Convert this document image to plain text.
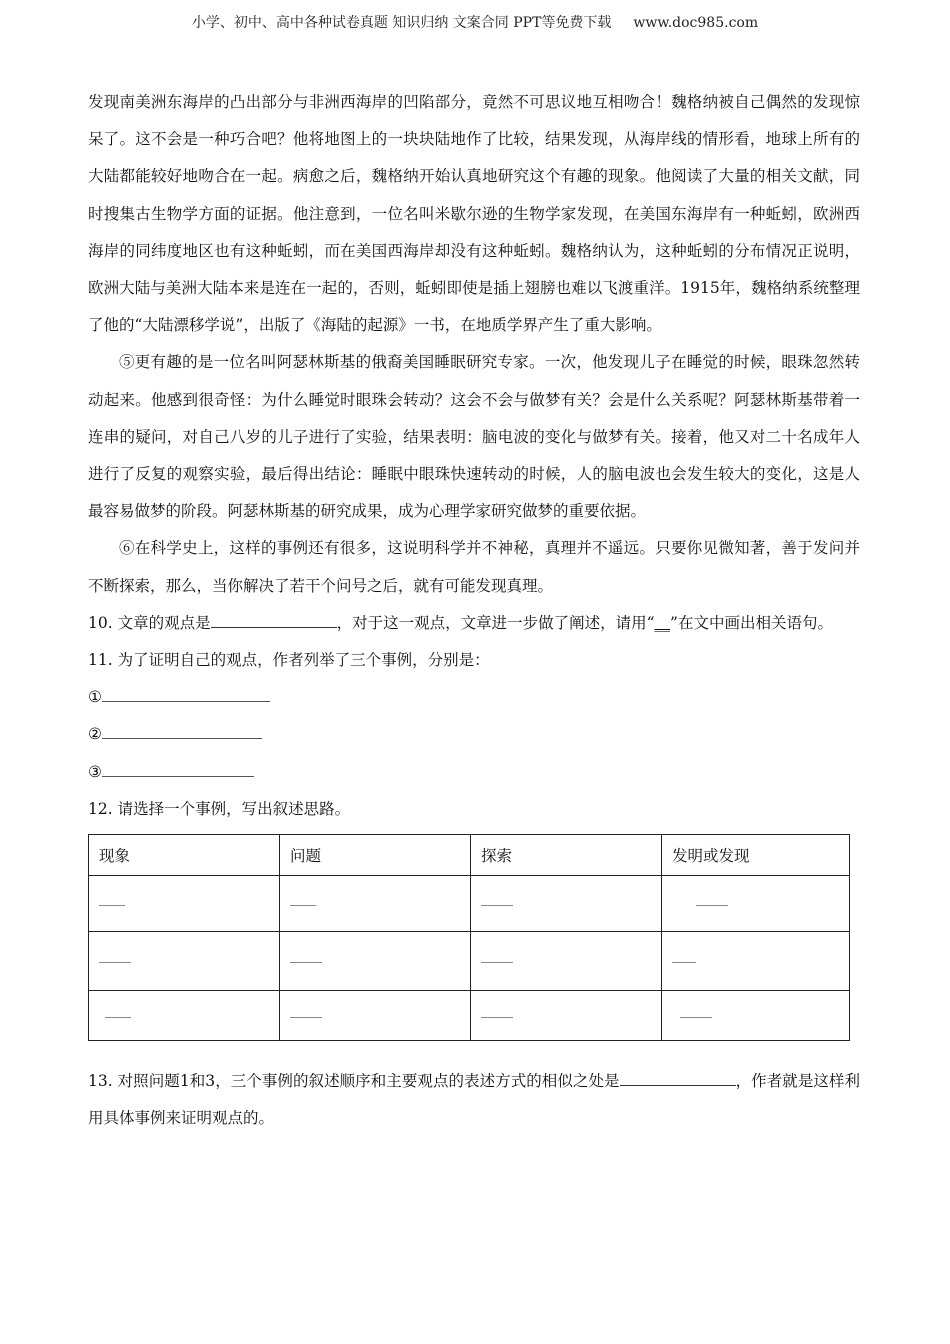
小学、初中、高中各种试卷真题 知识归纳 文案合同 PPT等免费下载 www.doc985.com

发现南美洲东海岸的凸出部分与非洲西海岸的凹陷部分，竟然不可思议地互相吻合！魏格纳被自己偶然的发现惊呆了。这不会是一种巧合吧？他将地图上的一块块陆地作了比较，结果发现，从海岸线的情形看，地球上所有的大陆都能较好地吻合在一起。病愈之后，魏格纳开始认真地研究这个有趣的现象。他阅读了大量的相关文献，同时搜集古生物学方面的证据。他注意到，一位名叫米歇尔逊的生物学家发现，在美国东海岸有一种蚯蚓，欧洲西海岸的同纬度地区也有这种蚯蚓，而在美国西海岸却没有这种蚯蚓。魏格纳认为，这种蚯蚓的分布情况正说明，欧洲大陆与美洲大陆本来是连在一起的，否则，蚯蚓即使是插上翅膀也难以飞渡重洋。1915年，魏格纳系统整理了他的“大陆漂移学说”，出版了《海陆的起源》一书，在地质学界产生了重大影响。

⑤更有趣的是一位名叫阿瑟林斯基的俄裔美国睡眠研究专家。一次，他发现儿子在睡觉的时候，眼珠忽然转动起来。他感到很奇怪：为什么睡觉时眼珠会转动？这会不会与做梦有关？会是什么关系呢？阿瑟林斯基带着一连串的疑问，对自己八岁的儿子进行了实验，结果表明：脑电波的变化与做梦有关。接着，他又对二十名成年人进行了反复的观察实验，最后得出结论：睡眠中眼珠快速转动的时候，人的脑电波也会发生较大的变化，这是人最容易做梦的阶段。阿瑟林斯基的研究成果，成为心理学家研究做梦的重要依据。

⑥在科学史上，这样的事例还有很多，这说明科学并不神秘，真理并不遥远。只要你见微知著，善于发问并不断探索，那么，当你解决了若干个问号之后，就有可能发现真理。

10. 文章的观点是	，对于这一观点，文章进一步做了阐述，请用“__”在文中画出相关语句。

11. 为了证明自己的观点，作者列举了三个事例，分别是：

①

②

③

12. 请选择一个事例，写出叙述思路。

现象	问题	探索	发明或发现

13. 对照问题1和3，三个事例的叙述顺序和主要观点的表述方式的相似之处是	，作者就是这样利用具体事例来证明观点的。
